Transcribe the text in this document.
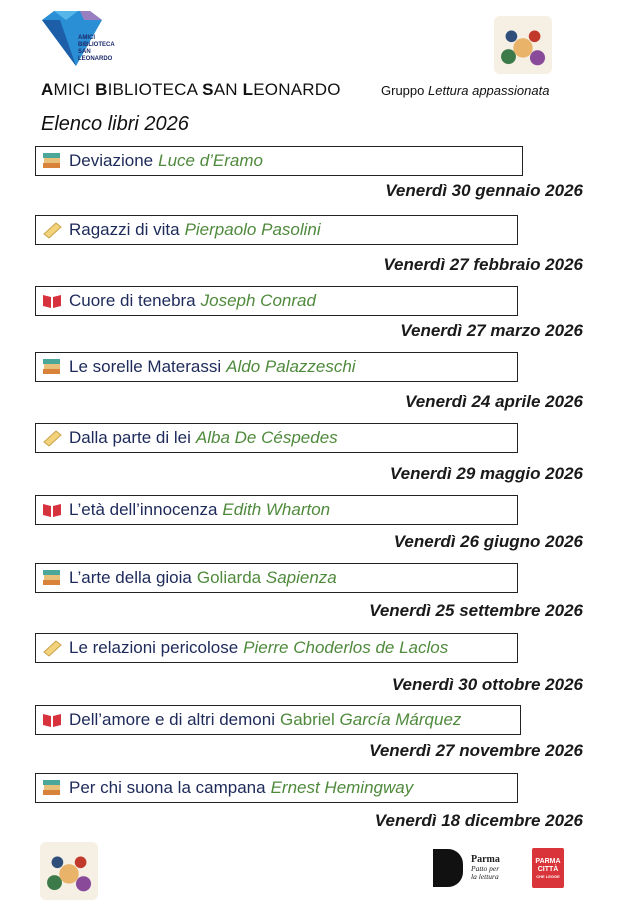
AMICI
BIBLIOTECA
SAN
LEONARDO
AMICI BIBLIOTECA SAN LEONARDO	Gruppo Lettura appassionata
Elenco libri 2026
Deviazione Luce d’Eramo
Venerdì 30 gennaio 2026
Ragazzi di vita Pierpaolo Pasolini
Venerdì 27 febbraio 2026
Cuore di tenebra Joseph Conrad
Venerdì 27 marzo 2026
Le sorelle Materassi Aldo Palazzeschi
Venerdì 24 aprile 2026
Dalla parte di lei Alba De Céspedes
Venerdì 29 maggio 2026
L’età dell’innocenza Edith Wharton
Venerdì 26 giugno 2026
L’arte della gioia Goliarda Sapienza
Venerdì 25 settembre 2026
Le relazioni pericolose Pierre Choderlos de Laclos
Venerdì 30 ottobre 2026
Dell’amore e di altri demoni Gabriel García Márquez
Venerdì 27 novembre 2026
Per chi suona la campana Ernest Hemingway
Venerdì 18 dicembre 2026
Parma
Patto per
la lettura
PARMA
CITTÀ
CHE LEGGE
